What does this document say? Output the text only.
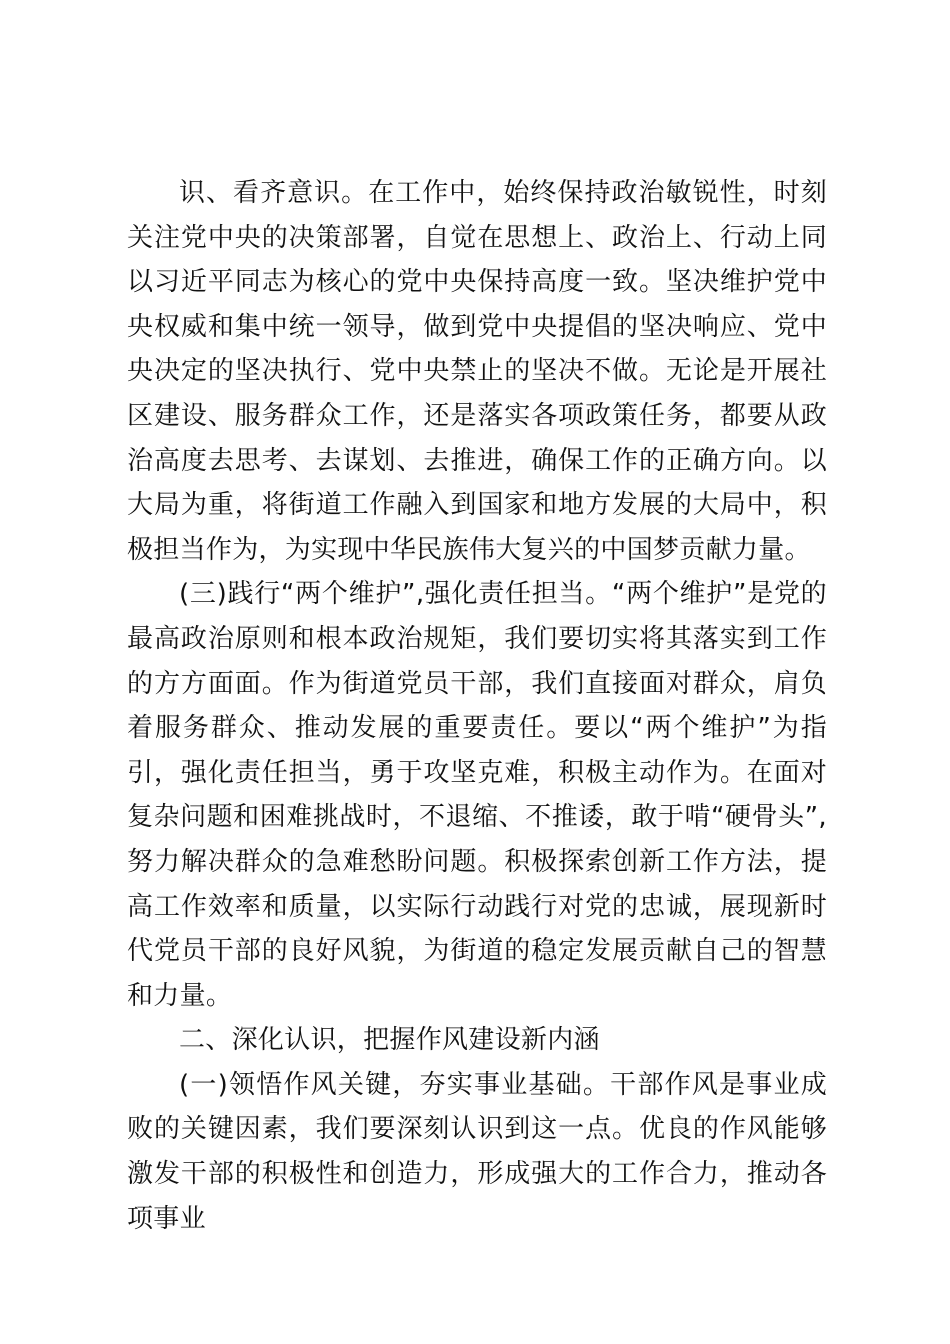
识、看齐意识。在工作中，始终保持政治敏锐性，时刻关注党中央的决策部署，自觉在思想上、政治上、行动上同以习近平同志为核心的党中央保持高度一致。坚决维护党中央权威和集中统一领导，做到党中央提倡的坚决响应、党中央决定的坚决执行、党中央禁止的坚决不做。无论是开展社区建设、服务群众工作，还是落实各项政策任务，都要从政治高度去思考、去谋划、去推进，确保工作的正确方向。以大局为重，将街道工作融入到国家和地方发展的大局中，积极担当作为，为实现中华民族伟大复兴的中国梦贡献力量。

(三)践行“两个维护”,强化责任担当。“两个维护”是党的最高政治原则和根本政治规矩，我们要切实将其落实到工作的方方面面。作为街道党员干部，我们直接面对群众，肩负着服务群众、推动发展的重要责任。要以“两个维护”为指引，强化责任担当，勇于攻坚克难，积极主动作为。在面对复杂问题和困难挑战时，不退缩、不推诿，敢于啃“硬骨头”,努力解决群众的急难愁盼问题。积极探索创新工作方法，提高工作效率和质量，以实际行动践行对党的忠诚，展现新时代党员干部的良好风貌，为街道的稳定发展贡献自己的智慧和力量。

二、深化认识，把握作风建设新内涵

(一)领悟作风关键，夯实事业基础。干部作风是事业成败的关键因素，我们要深刻认识到这一点。优良的作风能够激发干部的积极性和创造力，形成强大的工作合力，推动各项事业
